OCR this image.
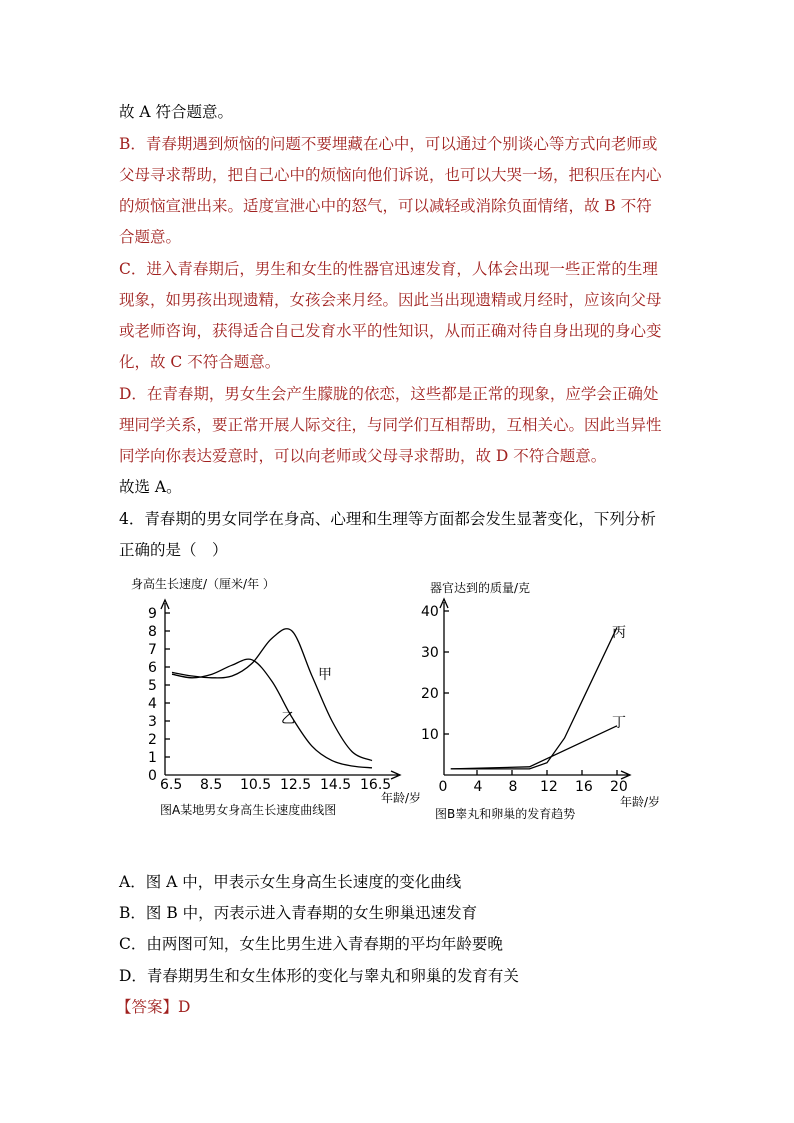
故 A 符合题意。
B．青春期遇到烦恼的问题不要埋藏在心中，可以通过个别谈心等方式向老师或
父母寻求帮助，把自己心中的烦恼向他们诉说，也可以大哭一场，把积压在内心
的烦恼宣泄出来。适度宣泄心中的怒气，可以减轻或消除负面情绪，故 B 不符
合题意。
C．进入青春期后，男生和女生的性器官迅速发育，人体会出现一些正常的生理
现象，如男孩出现遗精，女孩会来月经。因此当出现遗精或月经时，应该向父母
或老师咨询，获得适合自己发育水平的性知识，从而正确对待自身出现的身心变
化，故 C 不符合题意。
D．在青春期，男女生会产生朦胧的依恋，这些都是正常的现象，应学会正确处
理同学关系，要正常开展人际交往，与同学们互相帮助，互相关心。因此当异性
同学向你表达爱意时，可以向老师或父母寻求帮助，故 D 不符合题意。
故选 A。
4．青春期的男女同学在身高、心理和生理等方面都会发生显著变化，下列分析
正确的是（　）
身高生长速度/（厘米/年 ）
0
1
2
3
4
5
6
7
8
9
6.5 8.5 10.5 12.5 14.5 16.5
甲
乙
年龄/岁
图A某地男女身高生长速度曲线图
器官达到的质量/克
10
20
30
40
0 4 8 12 16 20
丙
丁
年龄/岁
图B睾丸和卵巢的发育趋势
A．图 A 中，甲表示女生身高生长速度的变化曲线
B．图 B 中，丙表示进入青春期的女生卵巢迅速发育
C．由两图可知，女生比男生进入青春期的平均年龄要晚
D．青春期男生和女生体形的变化与睾丸和卵巢的发育有关
【答案】D
